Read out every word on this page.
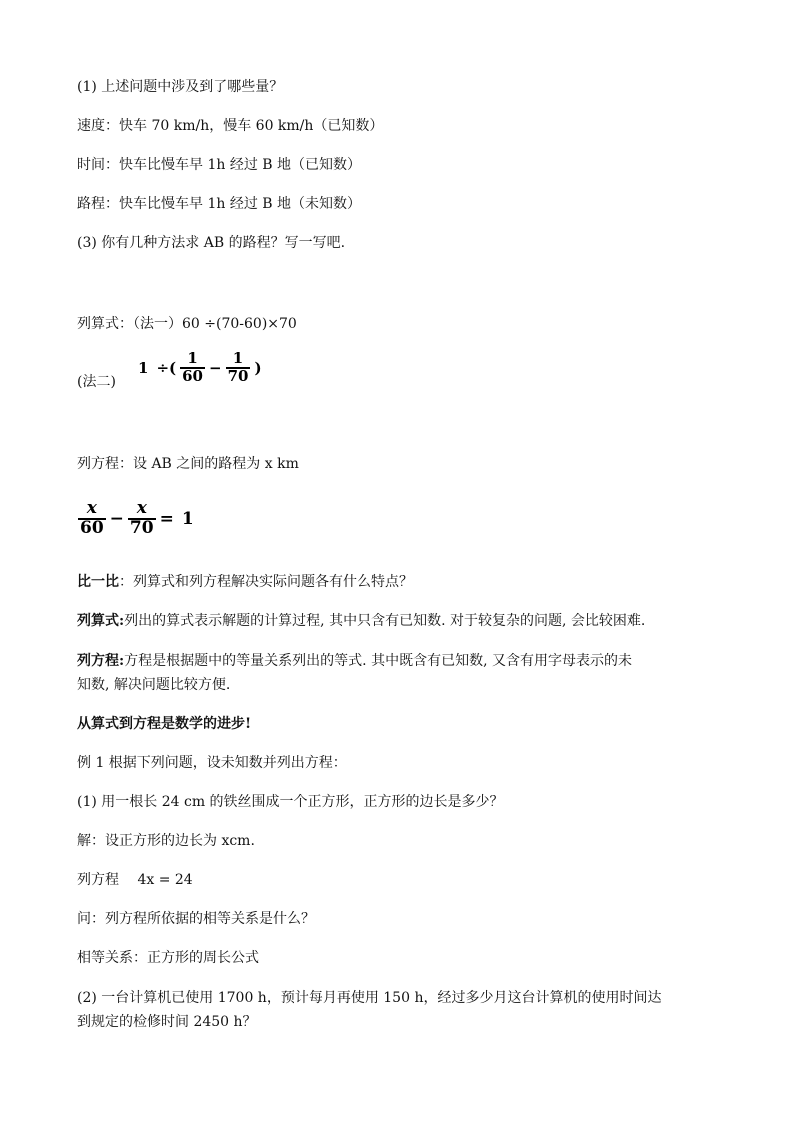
(1) 上述问题中涉及到了哪些量？
速度：快车 70 km/h，慢车 60 km/h（已知数）
时间：快车比慢车早 1h 经过 B 地（已知数）
路程：快车比慢车早 1h 经过 B 地（未知数）
(3) 你有几种方法求 AB 的路程？写一写吧.
列算式：（法一）60 ÷(70-60)×70
(法二)
1 ÷( $\frac{1}{60} - \frac{1}{70}$ )
列方程：设 AB 之间的路程为 x km
$\frac{x}{60} - \frac{x}{70} = 1$
比一比：列算式和列方程解决实际问题各有什么特点？
列算式:列出的算式表示解题的计算过程, 其中只含有已知数. 对于较复杂的问题, 会比较困难.
列方程:方程是根据题中的等量关系列出的等式. 其中既含有已知数, 又含有用字母表示的未
知数, 解决问题比较方便.
从算式到方程是数学的进步!
例 1 根据下列问题，设未知数并列出方程：
(1) 用一根长 24 cm 的铁丝围成一个正方形，正方形的边长是多少？
解：设正方形的边长为 xcm.
列方程　 4x = 24
问：列方程所依据的相等关系是什么？
相等关系：正方形的周长公式
(2) 一台计算机已使用 1700 h，预计每月再使用 150 h，经过多少月这台计算机的使用时间达
到规定的检修时间 2450 h？
